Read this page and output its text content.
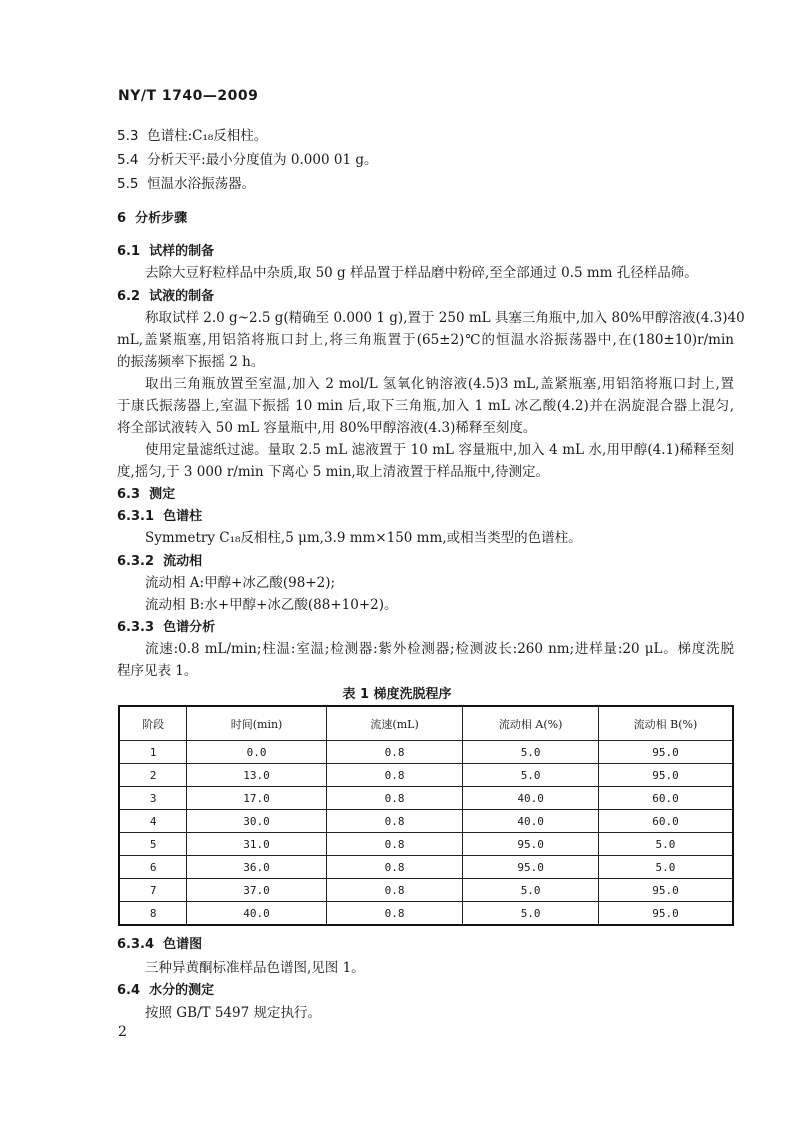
NY/T 1740—2009
5.3 色谱柱:C₁₈反相柱。
5.4 分析天平:最小分度值为 0.000 01 g。
5.5 恒温水浴振荡器。
6 分析步骤
6.1 试样的制备
去除大豆籽粒样品中杂质,取 50 g 样品置于样品磨中粉碎,至全部通过 0.5 mm 孔径样品筛。
6.2 试液的制备
称取试样 2.0 g~2.5 g(精确至 0.000 1 g),置于 250 mL 具塞三角瓶中,加入 80%甲醇溶液(4.3)40
mL,盖紧瓶塞,用铝箔将瓶口封上,将三角瓶置于(65±2)℃的恒温水浴振荡器中,在(180±10)r/min
的振荡频率下振摇 2 h。
取出三角瓶放置至室温,加入 2 mol/L 氢氧化钠溶液(4.5)3 mL,盖紧瓶塞,用铝箔将瓶口封上,置
于康氏振荡器上,室温下振摇 10 min 后,取下三角瓶,加入 1 mL 冰乙酸(4.2)并在涡旋混合器上混匀,
将全部试液转入 50 mL 容量瓶中,用 80%甲醇溶液(4.3)稀释至刻度。
使用定量滤纸过滤。量取 2.5 mL 滤液置于 10 mL 容量瓶中,加入 4 mL 水,用甲醇(4.1)稀释至刻
度,摇匀,于 3 000 r/min 下离心 5 min,取上清液置于样品瓶中,待测定。
6.3 测定
6.3.1 色谱柱
Symmetry C₁₈反相柱,5 μm,3.9 mm×150 mm,或相当类型的色谱柱。
6.3.2 流动相
流动相 A:甲醇+冰乙酸(98+2);
流动相 B:水+甲醇+冰乙酸(88+10+2)。
6.3.3 色谱分析
流速:0.8 mL/min;柱温:室温;检测器:紫外检测器;检测波长:260 nm;进样量:20 μL。梯度洗脱
程序见表 1。
表 1 梯度洗脱程序
阶段	时间(min)	流速(mL)	流动相 A(%)	流动相 B(%)
1	0.0	0.8	5.0	95.0
2	13.0	0.8	5.0	95.0
3	17.0	0.8	40.0	60.0
4	30.0	0.8	40.0	60.0
5	31.0	0.8	95.0	5.0
6	36.0	0.8	95.0	5.0
7	37.0	0.8	5.0	95.0
8	40.0	0.8	5.0	95.0
6.3.4 色谱图
三种异黄酮标准样品色谱图,见图 1。
6.4 水分的测定
按照 GB/T 5497 规定执行。
2
